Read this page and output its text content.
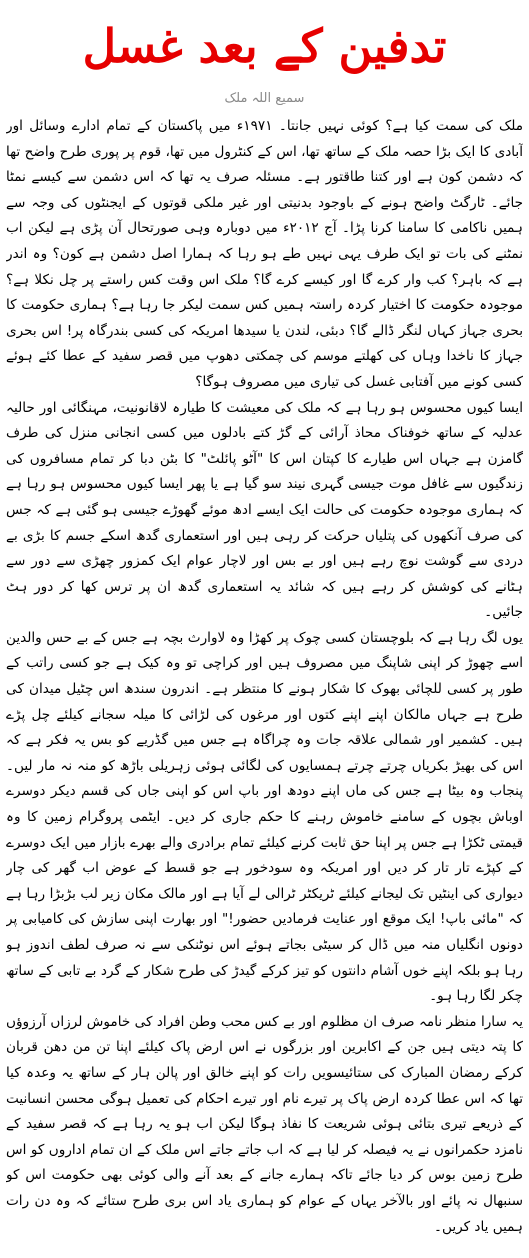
تدفین کے بعد غسل
سمیع اللہ ملک

ملک کی سمت کیا ہے؟ کوئی نہیں جانتا۔ ۱۹۷۱ء میں پاکستان کے تمام ادارے وسائل اور آبادی کا ایک بڑا حصہ ملک کے ساتھ تھا، اس کے کنٹرول میں تھا، قوم پر پوری طرح واضح تھا کہ دشمن کون ہے اور کتنا طاقتور ہے۔ مسئلہ صرف یہ تھا کہ اس دشمن سے کیسے نمٹا جائے۔ ٹارگٹ واضح ہونے کے باوجود بدنیتی اور غیر ملکی قوتوں کے ایجنٹوں کی وجہ سے ہمیں ناکامی کا سامنا کرنا پڑا۔ آج ۲۰۱۲ء میں دوبارہ وہی صورتحال آن پڑی ہے لیکن اب نمٹنے کی بات تو ایک طرف یہی نہیں طے ہو رہا کہ ہمارا اصل دشمن ہے کون؟ وہ اندر ہے کہ باہر؟ کب وار کرے گا اور کیسے کرے گا؟ ملک اس وقت کس راستے پر چل نکلا ہے؟ موجودہ حکومت کا اختیار کردہ راستہ ہمیں کس سمت لیکر جا رہا ہے؟ ہماری حکومت کا بحری جہاز کہاں لنگر ڈالے گا؟ دبئی، لندن یا سیدھا امریکہ کی کسی بندرگاہ پر! اس بحری جہاز کا ناخدا وہاں کی کھلتے موسم کی چمکتی دھوپ میں قصر سفید کے عطا کئے ہوئے کسی کونے میں آفتابی غسل کی تیاری میں مصروف ہوگا؟

ایسا کیوں محسوس ہو رہا ہے کہ ملک کی معیشت کا طیارہ لاقانونیت، مہنگائی اور حالیہ عدلیہ کے ساتھ خوفناک محاذ آرائی کے گڑ کتے بادلوں میں کسی انجانی منزل کی طرف گامزن ہے جہاں اس طیارے کا کپتان اس کا "آٹو پائلٹ" کا بٹن دبا کر تمام مسافروں کی زندگیوں سے غافل موت جیسی گہری نیند سو گیا ہے یا پھر ایسا کیوں محسوس ہو رہا ہے کہ ہماری موجودہ حکومت کی حالت ایک ایسے ادھ موئے گھوڑے جیسی ہو گئی ہے کہ جس کی صرف آنکھوں کی پتلیاں حرکت کر رہی ہیں اور استعماری گدھ اسکے جسم کا بڑی بے دردی سے گوشت نوچ رہے ہیں اور بے بس اور لاچار عوام ایک کمزور چھڑی سے دور سے ہٹانے کی کوشش کر رہے ہیں کہ شائد یہ استعماری گدھ ان پر ترس کھا کر دور ہٹ جائیں۔

یوں لگ رہا ہے کہ بلوچستان کسی چوک پر کھڑا وہ لاوارث بچہ ہے جس کے بے حس والدین اسے چھوڑ کر اپنی شاپنگ میں مصروف ہیں اور کراچی تو وہ کیک ہے جو کسی راتب کے طور پر کسی للچائی بھوک کا شکار ہونے کا منتظر ہے۔ اندرون سندھ اس چٹیل میدان کی طرح ہے جہاں مالکان اپنے اپنے کتوں اور مرغوں کی لڑائی کا میلہ سجانے کیلئے چل پڑے ہیں۔ کشمیر اور شمالی علاقہ جات وہ چراگاہ ہے جس میں گڈریے کو بس یہ فکر ہے کہ اس کی بھیڑ بکریاں چرتے چرتے ہمسایوں کی لگائی ہوئی زہریلی باڑھ کو منہ نہ مار لیں۔ پنجاب وہ بیٹا ہے جس کی ماں اپنے دودھ اور باپ اس کو اپنی جاں کی قسم دیکر دوسرے اوباش بچوں کے سامنے خاموش رہنے کا حکم جاری کر دیں۔ ایٹمی پروگرام زمین کا وہ قیمتی ٹکڑا ہے جس پر اپنا حق ثابت کرنے کیلئے تمام برادری والے بھرے بازار میں ایک دوسرے کے کپڑے تار تار کر دیں اور امریکہ وہ سودخور ہے جو قسط کے عوض اب گھر کی چار دیواری کی اینٹیں تک لیجانے کیلئے ٹریکٹر ٹرالی لے آیا ہے اور مالک مکان زیر لب بڑبڑا رہا ہے کہ "مائی باپ! ایک موقع اور عنایت فرمادیں حضور!" اور بھارت اپنی سازش کی کامیابی پر دونوں انگلیاں منہ میں ڈال کر سیٹی بجاتے ہوئے اس نوٹنکی سے نہ صرف لطف اندوز ہو رہا ہو بلکہ اپنے خوں آشام دانتوں کو تیز کرکے گیدڑ کی طرح شکار کے گرد بے تابی کے ساتھ چکر لگا رہا ہو۔

یہ سارا منظر نامہ صرف ان مظلوم اور بے کس محب وطن افراد کی خاموش لرزاں آرزوؤں کا پتہ دیتی ہیں جن کے اکابرین اور بزرگوں نے اس ارض پاک کیلئے اپنا تن من دھن قربان کرکے رمضان المبارک کی ستائیسویں رات کو اپنے خالق اور پالن ہار کے ساتھ یہ وعدہ کیا تھا کہ اس عطا کردہ ارض پاک پر تیرے نام اور تیرے احکام کی تعمیل ہوگی محسن انسانیت کے ذریعے تیری بتائی ہوئی شریعت کا نفاذ ہوگا لیکن اب ہو یہ رہا ہے کہ قصر سفید کے نامزد حکمرانوں نے یہ فیصلہ کر لیا ہے کہ اب جاتے جاتے اس ملک کے ان تمام اداروں کو اس طرح زمین بوس کر دیا جائے تاکہ ہمارے جانے کے بعد آنے والی کوئی بھی حکومت اس کو سنبھال نہ پائے اور بالآخر یہاں کے عوام کو ہماری یاد اس بری طرح ستائے کہ وہ دن رات ہمیں یاد کریں۔
